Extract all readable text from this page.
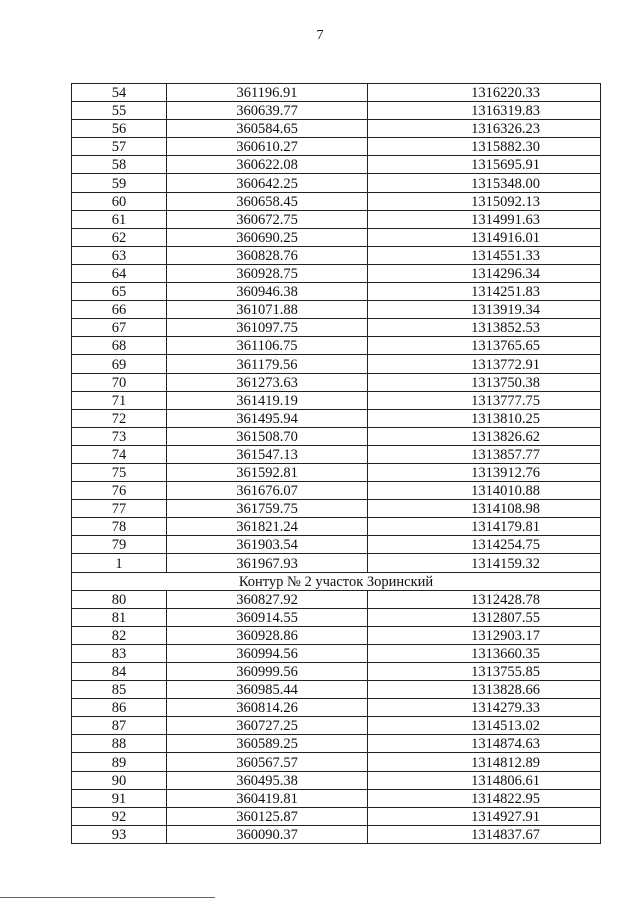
7
54	361196.91	1316220.33
55	360639.77	1316319.83
56	360584.65	1316326.23
57	360610.27	1315882.30
58	360622.08	1315695.91
59	360642.25	1315348.00
60	360658.45	1315092.13
61	360672.75	1314991.63
62	360690.25	1314916.01
63	360828.76	1314551.33
64	360928.75	1314296.34
65	360946.38	1314251.83
66	361071.88	1313919.34
67	361097.75	1313852.53
68	361106.75	1313765.65
69	361179.56	1313772.91
70	361273.63	1313750.38
71	361419.19	1313777.75
72	361495.94	1313810.25
73	361508.70	1313826.62
74	361547.13	1313857.77
75	361592.81	1313912.76
76	361676.07	1314010.88
77	361759.75	1314108.98
78	361821.24	1314179.81
79	361903.54	1314254.75
1	361967.93	1314159.32
Контур № 2 участок Зоринский		
80	360827.92	1312428.78
81	360914.55	1312807.55
82	360928.86	1312903.17
83	360994.56	1313660.35
84	360999.56	1313755.85
85	360985.44	1313828.66
86	360814.26	1314279.33
87	360727.25	1314513.02
88	360589.25	1314874.63
89	360567.57	1314812.89
90	360495.38	1314806.61
91	360419.81	1314822.95
92	360125.87	1314927.91
93	360090.37	1314837.67
